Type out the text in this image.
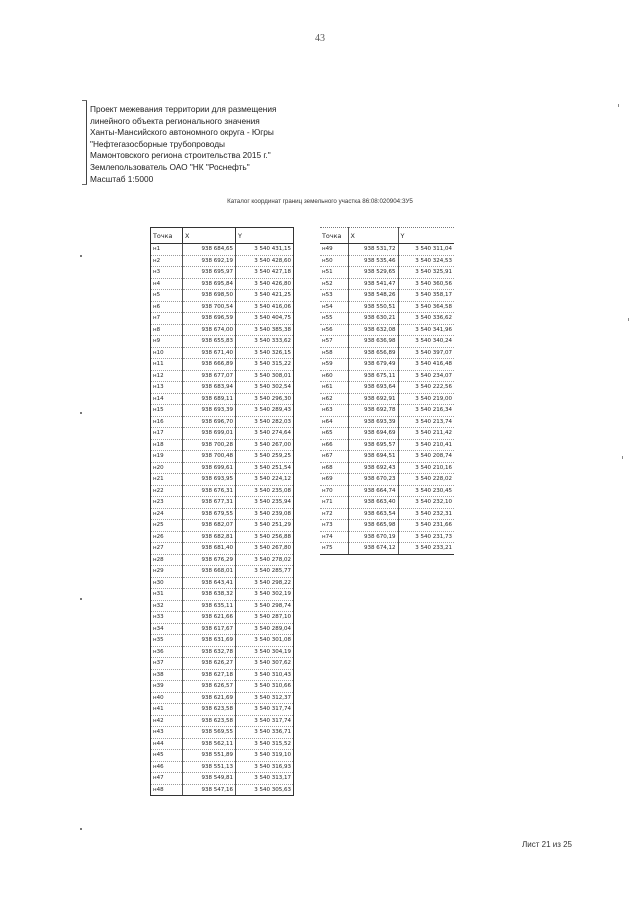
43
Проект межевания территории для размещения
линейного объекта регионального значения
Ханты-Мансийского автономного округа - Югры
"Нефтегазосборные трубопроводы
Мамонтовского региона строительства 2015 г."
Землепользователь ОАО "НК "Роснефть"
Масштаб 1:5000
Каталог координат границ земельного участка 86:08:020904:ЗУ5
Точка	X	Y
н1	938 684,65	3 540 431,15
н2	938 692,19	3 540 428,60
н3	938 695,97	3 540 427,18
н4	938 695,84	3 540 426,80
н5	938 698,50	3 540 421,25
н6	938 700,54	3 540 416,06
н7	938 696,59	3 540 404,75
н8	938 674,00	3 540 385,38
н9	938 655,83	3 540 333,62
н10	938 671,40	3 540 326,15
н11	938 666,89	3 540 315,22
н12	938 677,07	3 540 308,01
н13	938 683,94	3 540 302,54
н14	938 689,11	3 540 296,30
н15	938 693,39	3 540 289,43
н16	938 696,70	3 540 282,03
н17	938 699,01	3 540 274,64
н18	938 700,28	3 540 267,00
н19	938 700,48	3 540 259,25
н20	938 699,61	3 540 251,54
н21	938 693,95	3 540 224,12
н22	938 676,31	3 540 235,08
н23	938 677,31	3 540 235,94
н24	938 679,55	3 540 239,08
н25	938 682,07	3 540 251,29
н26	938 682,81	3 540 256,88
н27	938 681,40	3 540 267,80
н28	938 676,29	3 540 278,02
н29	938 668,01	3 540 285,77
н30	938 643,41	3 540 298,22
н31	938 638,32	3 540 302,19
н32	938 635,11	3 540 298,74
н33	938 621,66	3 540 287,10
н34	938 617,67	3 540 289,04
н35	938 631,69	3 540 301,08
н36	938 632,78	3 540 304,19
н37	938 626,27	3 540 307,62
н38	938 627,18	3 540 310,43
н39	938 626,57	3 540 310,66
н40	938 621,69	3 540 312,37
н41	938 623,58	3 540 317,74
н42	938 623,58	3 540 317,74
н43	938 569,55	3 540 336,71
н44	938 562,11	3 540 315,52
н45	938 551,89	3 540 319,10
н46	938 551,13	3 540 316,93
н47	938 549,81	3 540 313,17
н48	938 547,16	3 540 305,63
Точка	X	Y
н49	938 531,72	3 540 311,04
н50	938 535,46	3 540 324,53
н51	938 529,65	3 540 325,91
н52	938 541,47	3 540 360,56
н53	938 548,26	3 540 358,17
н54	938 550,51	3 540 364,58
н55	938 630,21	3 540 336,62
н56	938 632,08	3 540 341,96
н57	938 636,98	3 540 340,24
н58	938 656,89	3 540 397,07
н59	938 679,49	3 540 416,48
н60	938 675,11	3 540 234,07
н61	938 693,64	3 540 222,56
н62	938 692,91	3 540 219,00
н63	938 692,78	3 540 216,34
н64	938 693,39	3 540 213,74
н65	938 694,69	3 540 211,42
н66	938 695,57	3 540 210,41
н67	938 694,51	3 540 208,74
н68	938 692,43	3 540 210,16
н69	938 670,23	3 540 228,02
н70	938 664,74	3 540 230,45
н71	938 663,40	3 540 232,10
н72	938 663,54	3 540 232,31
н73	938 665,98	3 540 231,66
н74	938 670,19	3 540 231,73
н75	938 674,12	3 540 233,21
Лист 21 из 25
